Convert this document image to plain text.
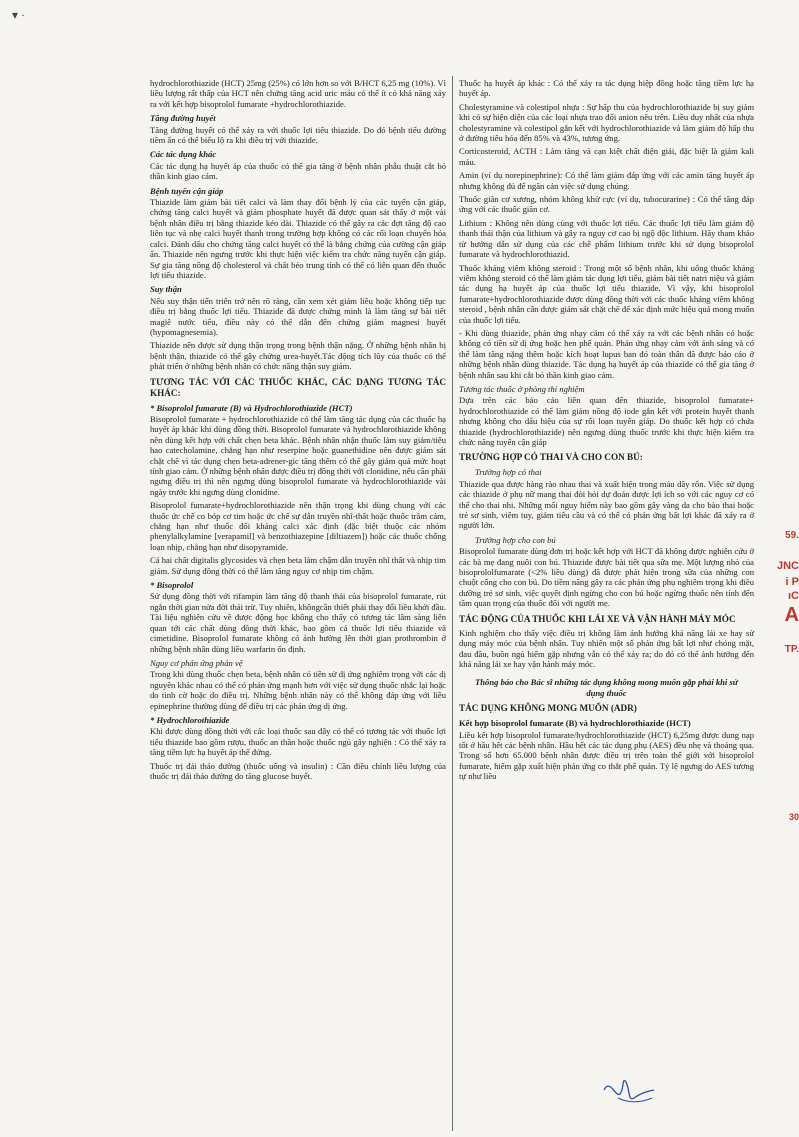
▾ ·

hydrochlorothiazide (HCT) 25mg (25%) có lớn hơn so với B/HCT 6,25 mg (10%). Vì liều lượng rất thấp của HCT nên chứng tăng acid uric máu có thể ít có khả năng xảy ra với kết hợp bisoprolol fumarate +hydrochlorothiazide.

Tăng đường huyết

Tăng đường huyết có thể xảy ra với thuốc lợi tiểu thiazide. Do đó bệnh tiểu đường tiềm ẩn có thể biểu lộ ra khi điều trị với thiazide.

Các tác dụng khác

Các tác dụng hạ huyết áp của thuốc có thể gia tăng ở bệnh nhân phẫu thuật cắt bỏ thần kinh giao cảm.

Bệnh tuyến cận giáp

Thiazide làm giảm bài tiết calci và làm thay đổi bệnh lý của các tuyến cận giáp, chứng tăng calci huyết và giảm phosphate huyết đã được quan sát thấy ở một vài bệnh nhân điều trị bằng thiazide kéo dài. Thiazide có thể gây ra các đợt tăng độ cao liên tục và nhẹ calci huyết thanh trong trường hợp không có các rối loạn chuyển hóa calci. Đánh dấu cho chứng tăng calci huyết có thể là bằng chứng của cường cận giáp ẩn. Thiazide nên ngưng trước khi thực hiện việc kiểm tra chức năng tuyến cận giáp. Sự gia tăng nồng độ cholesterol và chất béo trung tính có thể có liên quan đến thuốc lợi tiểu thiazide.

Suy thận

Nếu suy thận tiến triển trở nên rõ ràng, cần xem xét giảm liều hoặc không tiếp tục điều trị bằng thuốc lợi tiểu. Thiazide đã được chứng minh là làm tăng sự bài tiết magiê nước tiểu, điều này có thể dẫn đến chứng giảm magnesi huyết (hypomagnesemia).

Thiazide nên được sử dụng thận trọng trong bệnh thận nặng. Ở những bệnh nhân bị bệnh thận, thiazide có thể gây chứng urea-huyết.Tác động tích lũy của thuốc có thể phát triển ở những bệnh nhân có chức năng thận suy giảm.

TƯƠNG TÁC VỚI CÁC THUỐC KHÁC, CÁC DẠNG TƯƠNG TÁC KHÁC:
* Bisoprolol fumarate (B) và Hydrochlorothiazide (HCT)

Bisoprolol fumarate + hydrochlorothiazide có thể làm tăng tác dụng của các thuốc hạ huyết áp khác khi dùng đồng thời. Bisoprolol fumarate và hydrochlorothiazide không nên dùng kết hợp với chất chẹn beta khác. Bệnh nhân nhận thuốc làm suy giảm/tiêu hao catecholamine, chẳng hạn như reserpine hoặc guanethidine nên được giám sát chặt chẽ vì tác dụng chẹn beta-adrener-gic tăng thêm có thể gây giảm quá mức hoạt tính giao cảm. Ở những bệnh nhân được điều trị đồng thời với clonidine, nếu cần phải ngưng điều trị thì nên ngưng dùng bisoprolol fumarate và hydrochlorothiazide vài ngày trước khi ngưng dùng clonidine.

Bisoprolol fumarate+hydrochlorothiazide nên thận trọng khi dùng chung với các thuốc ức chế co bóp cơ tim hoặc ức chế sự dẫn truyền nhĩ-thất hoặc thuốc trầm cảm, chẳng hạn như thuốc đối kháng calci xác định (đặc biệt thuộc các nhóm phenylalkylamine [verapamil] và benzothiazepine [diltiazem]) hoặc các thuốc chống loạn nhịp, chẳng hạn như disopyramide.

Cả hai chất digitalis glycosides và chẹn beta làm chậm dẫn truyền nhĩ thất và nhịp tim giảm. Sử dụng đồng thời có thể làm tăng nguy cơ nhịp tim chậm.

* Bisoprolol

Sử dụng đồng thời với rifampin làm tăng độ thanh thải của bisoprolol fumarate, rút ngắn thời gian nửa đời thải trừ. Tuy nhiên, khôngcần thiết phải thay đổi liều khởi đầu. Tài liệu nghiên cứu về được động học không cho thấy có tương tác lâm sàng liên quan tới các chất dùng đồng thời khác, bao gồm cả thuốc lợi tiểu thiazide và cimetidine. Bisoprolol fumarate không có ảnh hưởng lên thời gian prothrombin ở những bệnh nhân dùng liều warfarin ổn định.

Nguy cơ phản ứng phản vệ

Trong khi dùng thuốc chẹn beta, bệnh nhân có tiền sử dị ứng nghiêm trọng với các dị nguyên khác nhau có thể có phản ứng mạnh hơn với việc sử dụng thuốc nhắc lại hoặc do tình cờ hoặc do điều trị. Những bệnh nhân này có thể không đáp ứng với liều epinephrine thường dùng để điều trị các phản ứng dị ứng.

* Hydrochlorothiazide

Khi được dùng đồng thời với các loại thuốc sau đây có thể có tương tác với thuốc lợi tiểu thiazide bao gồm rượu, thuốc an thần hoặc thuốc ngủ gây nghiện : Có thể xảy ra tăng tiềm lực hạ huyết áp thế đứng.

Thuốc trị đái tháo đường (thuốc uống và insulin) : Cần điều chỉnh liều lượng của thuốc trị đái tháo đường do tăng glucose huyết.

Thuốc hạ huyết áp khác : Có thể xảy ra tác dụng hiệp đồng hoặc tăng tiềm lực hạ huyết áp.

Cholestyramine và colestipol nhựa : Sự hấp thu của hydrochlorothiazide bị suy giảm khi có sự hiện diện của các loại nhựa trao đổi anion nêu trên. Liều duy nhất của nhựa cholestyramine và colestipol gắn kết với hydrochlorothiazide và làm giảm độ hấp thu ở đường tiêu hóa đến 85% và 43%, tương ứng.

Corticosteroid, ACTH : Làm tăng và cạn kiệt chất điện giải, đặc biệt là giảm kali máu.

Amin (ví dụ norepinephrine): Có thể làm giảm đáp ứng với các amin tăng huyết áp nhưng không đủ để ngăn cản việc sử dụng chúng.

Thuốc giãn cơ xương, nhóm không khử cực (ví dụ, tubocurarine) : Có thể tăng đáp ứng với các thuốc giãn cơ.

Lithium : Không nên dùng cùng với thuốc lợi tiểu. Các thuốc lợi tiểu làm giảm độ thanh thải thận của lithium và gây ra nguy cơ cao bị ngộ độc lithium. Hãy tham khảo từ hướng dẫn sử dụng của các chế phẩm lithium trước khi sử dụng bisoprolol fumarate và hydrochlorothiazid.

Thuốc kháng viêm không steroid : Trong một số bệnh nhân, khi uống thuốc kháng viêm không steroid có thể làm giảm tác dụng lợi tiểu, giảm bài tiết natri niệu và giảm tác dụng hạ huyết áp của thuốc lợi tiểu thiazide. Vì vậy, khi bisoprolol fumarate+hydrochlorothiazide được dùng đồng thời với các thuốc kháng viêm không steroid , bệnh nhân cần được giám sát chặt chẽ để xác định mức hiệu quả mong muốn của thuốc lợi tiểu.

- Khi dùng thiazide, phản ứng nhạy cảm có thể xảy ra với các bệnh nhân có hoặc không có tiền sử dị ứng hoặc hen phế quản. Phản ứng nhạy cảm với ánh sáng và có thể làm tăng nặng thêm hoặc kích hoạt lupus ban đỏ toàn thân đã được báo cáo ở những bệnh nhân dùng thiazide. Tác dụng hạ huyết áp của thiazide có thể gia tăng ở bệnh nhân sau khi cắt bỏ thần kinh giao cảm.

Tương tác thuốc ở phòng thí nghiệm

Dựa trên các báo cáo liên quan đến thiazide, bisoprolol fumarate+ hydrochlorothiazide có thể làm giảm nồng độ iode gắn kết với protein huyết thanh nhưng không cho dấu hiệu của sự rối loạn tuyến giáp. Do thuốc kết hợp có chứa thiazide (hydrochlorothiazide) nên ngưng dùng thuốc trước khi thực hiện kiểm tra chức năng tuyến cận giáp

TRƯỜNG HỢP CÓ THAI VÀ CHO CON BÚ:
Trường hợp có thai

Thiazide qua được hàng rào nhau thai và xuất hiện trong máu dây rốn. Việc sử dụng các thiazide ở phụ nữ mang thai đòi hỏi dự đoán được lợi ích so với các nguy cơ có thể cho thai nhi. Những mối nguy hiểm này bao gồm gây vàng da cho bào thai hoặc trẻ sơ sinh, viêm tuy, giảm tiểu cầu và có thể có phản ứng bất lợi khác đã xảy ra ở người lớn.

Trường hợp cho con bú

Bisoprolol fumarate dùng đơn trị hoặc kết hợp với HCT đã không được nghiên cứu ở các bà mẹ đang nuôi con bú. Thiazide được bài tiết qua sữa mẹ. Một lượng nhỏ của bisoprololfumarate (<2% liều dùng) đã được phát hiện trong sữa của những con chuột cống cho con bú. Do tiềm năng gây ra các phản ứng phụ nghiêm trọng khi điều dưỡng trẻ sơ sinh, việc quyết định ngừng cho con bú hoặc ngừng thuốc nên tính đến tầm quan trọng của thuốc đối với người mẹ.

TÁC ĐỘNG CỦA THUỐC KHI LÁI XE VÀ VẬN HÀNH MÁY MÓC

Kinh nghiệm cho thấy việc điều trị không làm ảnh hưởng khả năng lái xe hay sử dụng máy móc của bệnh nhân. Tuy nhiên một số phản ứng bất lợi như chóng mặt, đau đầu, buồn ngủ hiếm gặp nhưng vẫn có thể xảy ra; do đó có thể ảnh hưởng đến khả năng lái xe hay vận hành máy móc.

Thông báo cho Bác sĩ những tác dụng không mong muốn gặp phải khi sử dụng thuốc
TÁC DỤNG KHÔNG MONG MUỐN (ADR)
Kết hợp bisoprolol fumarate (B) và hydrochlorothiazide (HCT)

Liều kết hợp bisoprolol fumarate/hydrochlorothiazide (HCT) 6,25mg được dung nạp tốt ở hầu hết các bệnh nhân. Hầu hết các tác dụng phụ (AES) đều nhẹ và thoáng qua. Trong số hơn 65.000 bệnh nhân được điều trị trên toàn thế giới với bisoprolol fumarate, hiếm gặp xuất hiện phản ứng co thắt phế quản. Tỷ lệ ngưng do AES tương tự như liều

59.
JNC
i P
ıC
A
TP.
30
